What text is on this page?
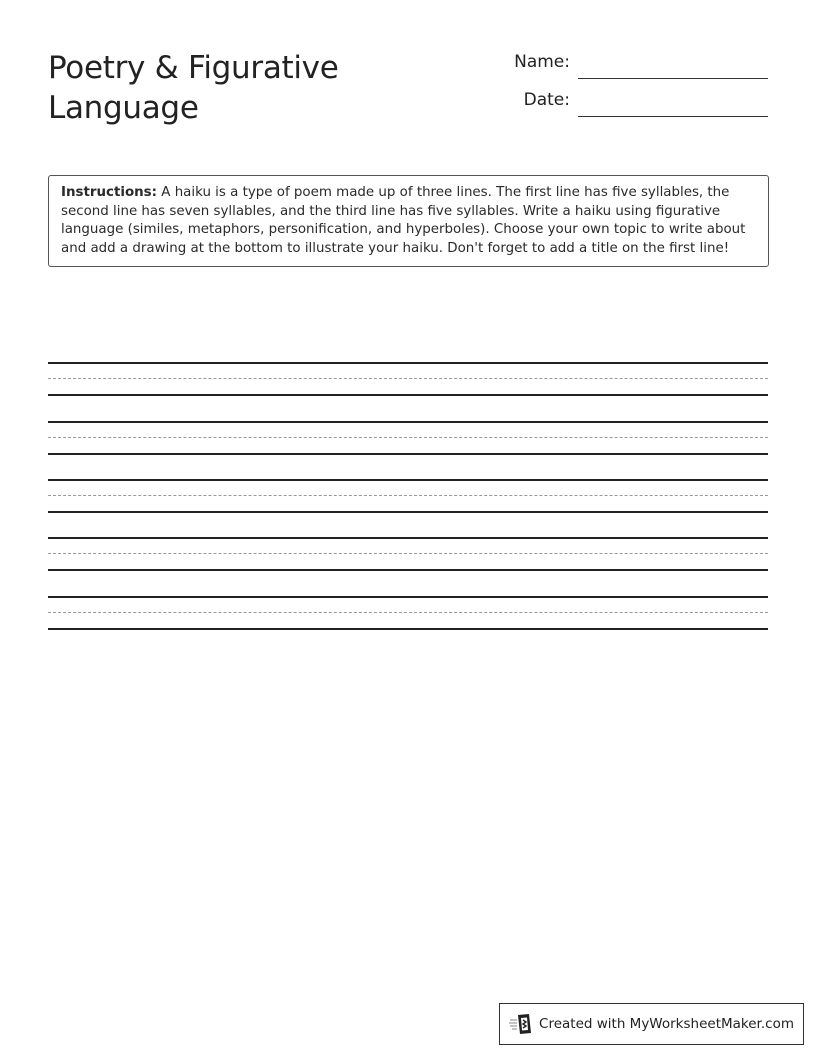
Poetry & Figurative Language
Name:
Date:
Instructions: A haiku is a type of poem made up of three lines. The first line has five syllables, the second line has seven syllables, and the third line has five syllables. Write a haiku using figurative language (similes, metaphors, personification, and hyperboles). Choose your own topic to write about and add a drawing at the bottom to illustrate your haiku. Don't forget to add a title on the first line!
Created with MyWorksheetMaker.com
